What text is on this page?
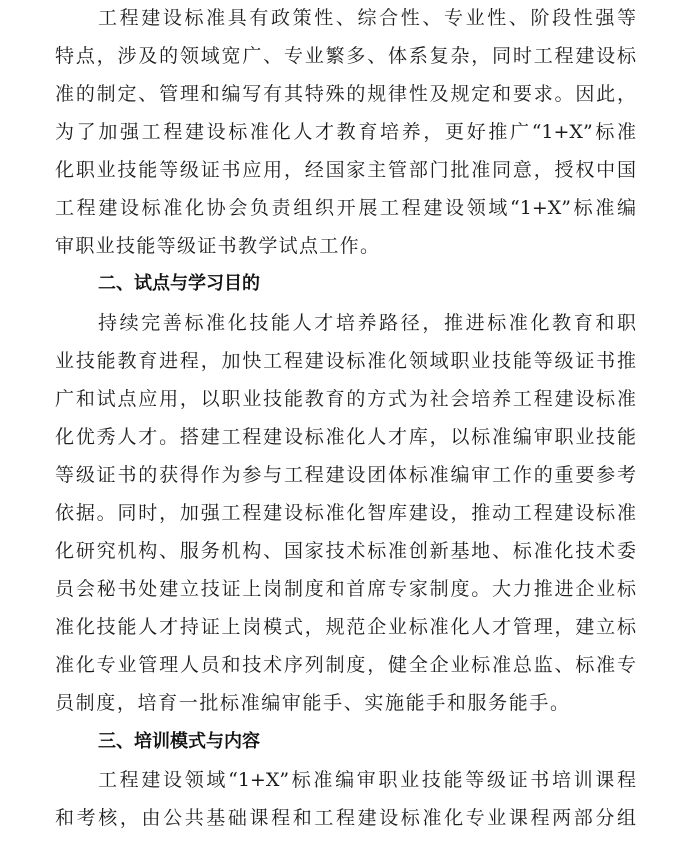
工程建设标准具有政策性、综合性、专业性、阶段性强等

特点，涉及的领域宽广、专业繁多、体系复杂，同时工程建设标

准的制定、管理和编写有其特殊的规律性及规定和要求。因此，

为了加强工程建设标准化人才教育培养，更好推广“1+X”标准

化职业技能等级证书应用，经国家主管部门批准同意，授权中国

工程建设标准化协会负责组织开展工程建设领域“1+X”标准编

审职业技能等级证书教学试点工作。

二、试点与学习目的

持续完善标准化技能人才培养路径，推进标准化教育和职

业技能教育进程，加快工程建设标准化领域职业技能等级证书推

广和试点应用，以职业技能教育的方式为社会培养工程建设标准

化优秀人才。搭建工程建设标准化人才库，以标准编审职业技能

等级证书的获得作为参与工程建设团体标准编审工作的重要参考

依据。同时，加强工程建设标准化智库建设，推动工程建设标准

化研究机构、服务机构、国家技术标准创新基地、标准化技术委

员会秘书处建立技证上岗制度和首席专家制度。大力推进企业标

准化技能人才持证上岗模式，规范企业标准化人才管理，建立标

准化专业管理人员和技术序列制度，健全企业标准总监、标准专

员制度，培育一批标准编审能手、实施能手和服务能手。

三、培训模式与内容

工程建设领域“1+X”标准编审职业技能等级证书培训课程

和考核，由公共基础课程和工程建设标准化专业课程两部分组
